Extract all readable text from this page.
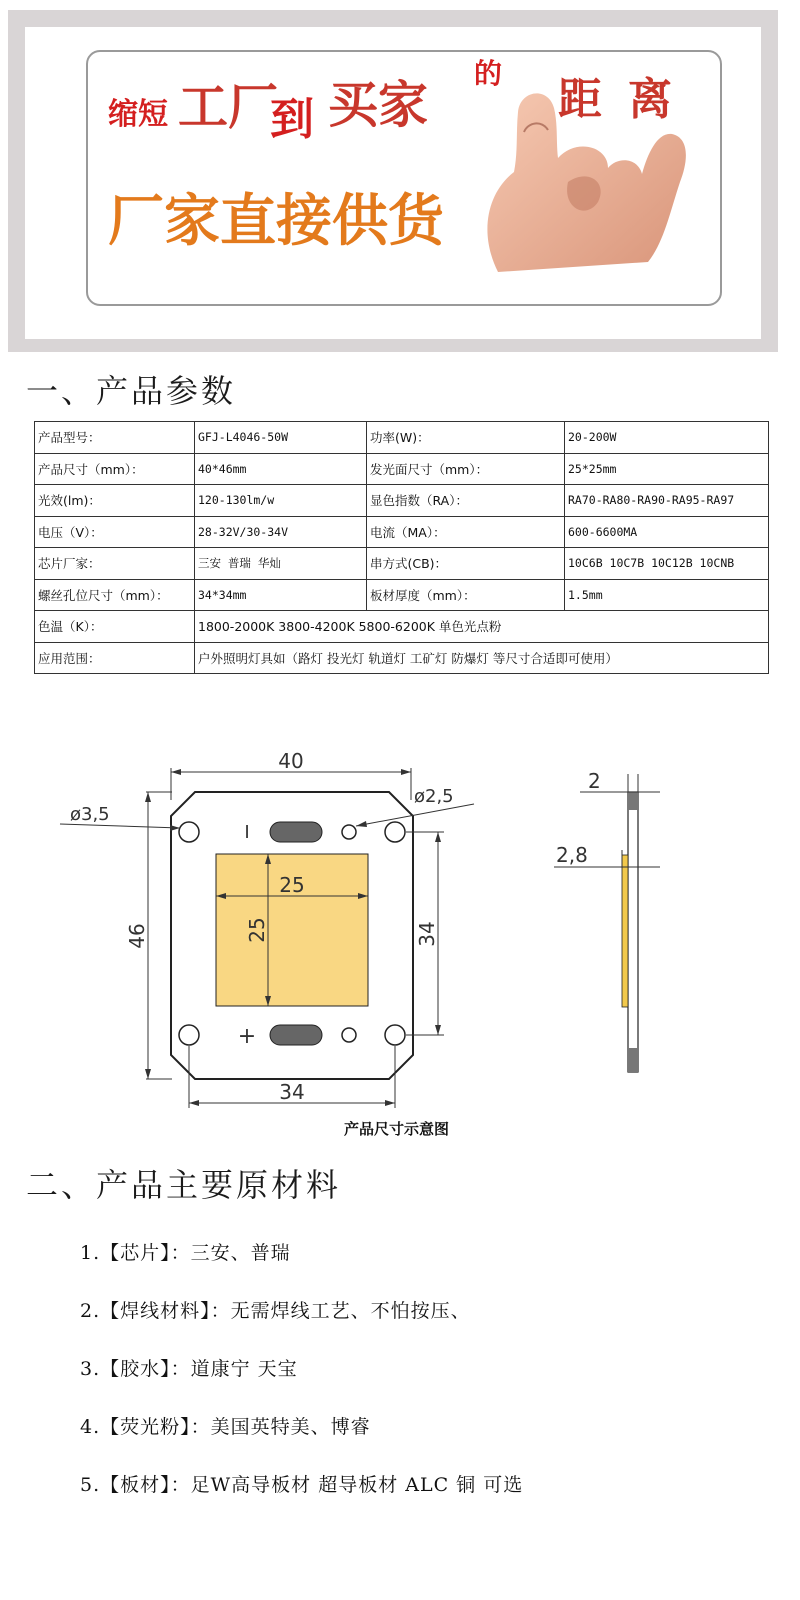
缩短 工厂
到 买家
的
距 离
厂家直接供货
一、产品参数
产品型号：	GFJ-L4046-50W	功率(W)：	20-200W
产品尺寸（mm）：	40*46mm	发光面尺寸（mm）：	25*25mm
光效(lm)：	120-130lm/w	显色指数（RA）：	RA70-RA80-RA90-RA95-RA97
电压（V）：	28-32V/30-34V	电流（MA）：	600-6600MA
芯片厂家：	三安 普瑞 华灿	串方式(CB)：	10C6B 10C7B 10C12B 10CNB
螺丝孔位尺寸（mm）：	34*34mm	板材厚度（mm）：	1.5mm
色温（K）：	1800-2000K 3800-4200K 5800-6200K 单色光点粉		
应用范围：	户外照明灯具如（路灯 投光灯 轨道灯 工矿灯 防爆灯 等尺寸合适即可使用）		
40
I
+
ø3,5
ø2,5
25
25
46	34
34
2
2,8
产品尺寸示意图
二、产品主要原材料
1.【芯片】：三安、普瑞
2.【焊线材料】：无需焊线工艺、不怕按压、
3.【胶水】：道康宁 天宝
4.【荧光粉】：美国英特美、博睿
5.【板材】：足W高导板材 超导板材 ALC 铜 可选
